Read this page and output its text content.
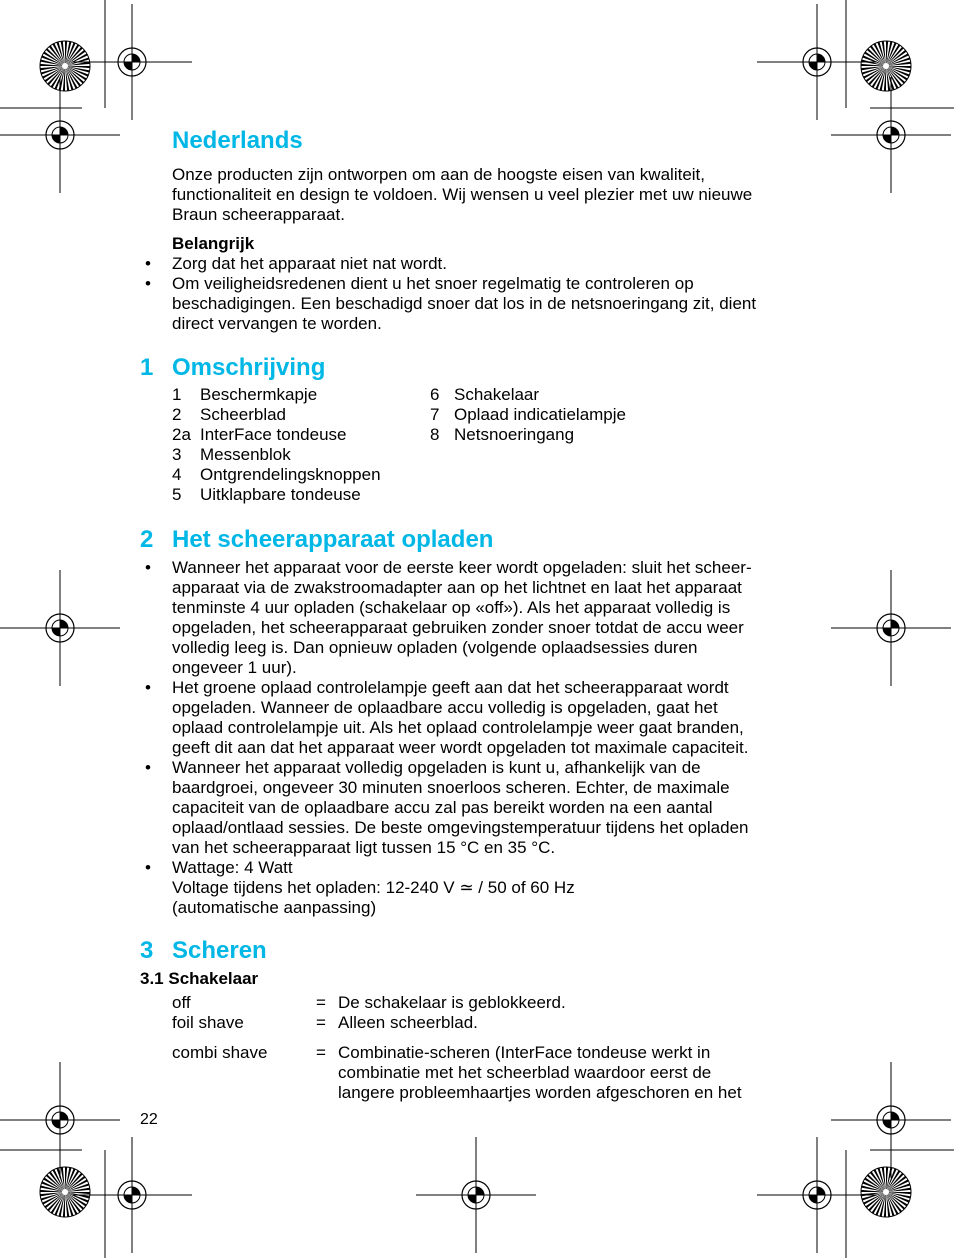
Nederlands
Onze producten zijn ontworpen om aan de hoogste eisen van kwaliteit,
functionaliteit en design te voldoen. Wij wensen u veel plezier met uw nieuwe
Braun scheerapparaat.
Belangrijk
• Zorg dat het apparaat niet nat wordt.
• Om veiligheidsredenen dient u het snoer regelmatig te controleren op
beschadigingen. Een beschadigd snoer dat los in de netsnoeringang zit, dient
direct vervangen te worden.
1 Omschrijving
1 Beschermkapje
2 Scheerblad
2a InterFace tondeuse
3 Messenblok
4 Ontgrendelingsknoppen
5 Uitklapbare tondeuse
6 Schakelaar
7 Oplaad indicatielampje
8 Netsnoeringang
2 Het scheerapparaat opladen
• Wanneer het apparaat voor de eerste keer wordt opgeladen: sluit het scheer-
apparaat via de zwakstroomadapter aan op het lichtnet en laat het apparaat
tenminste 4 uur opladen (schakelaar op «off»). Als het apparaat volledig is
opgeladen, het scheerapparaat gebruiken zonder snoer totdat de accu weer
volledig leeg is. Dan opnieuw opladen (volgende oplaadsessies duren
ongeveer 1 uur).
• Het groene oplaad controlelampje geeft aan dat het scheerapparaat wordt
opgeladen. Wanneer de oplaadbare accu volledig is opgeladen, gaat het
oplaad controlelampje uit. Als het oplaad controlelampje weer gaat branden,
geeft dit aan dat het apparaat weer wordt opgeladen tot maximale capaciteit.
• Wanneer het apparaat volledig opgeladen is kunt u, afhankelijk van de
baardgroei, ongeveer 30 minuten snoerloos scheren. Echter, de maximale
capaciteit van de oplaadbare accu zal pas bereikt worden na een aantal
oplaad/ontlaad sessies. De beste omgevingstemperatuur tijdens het opladen
van het scheerapparaat ligt tussen 15 °C en 35 °C.
• Wattage: 4 Watt
Voltage tijdens het opladen: 12-240 V ≃ / 50 of 60 Hz
(automatische aanpassing)
3 Scheren
3.1 Schakelaar
off	= De schakelaar is geblokkeerd.
foil shave	= Alleen scheerblad.
combi shave	= Combinatie-scheren (InterFace tondeuse werkt in
combinatie met het scheerblad waardoor eerst de
langere probleemhaartjes worden afgeschoren en het
22
